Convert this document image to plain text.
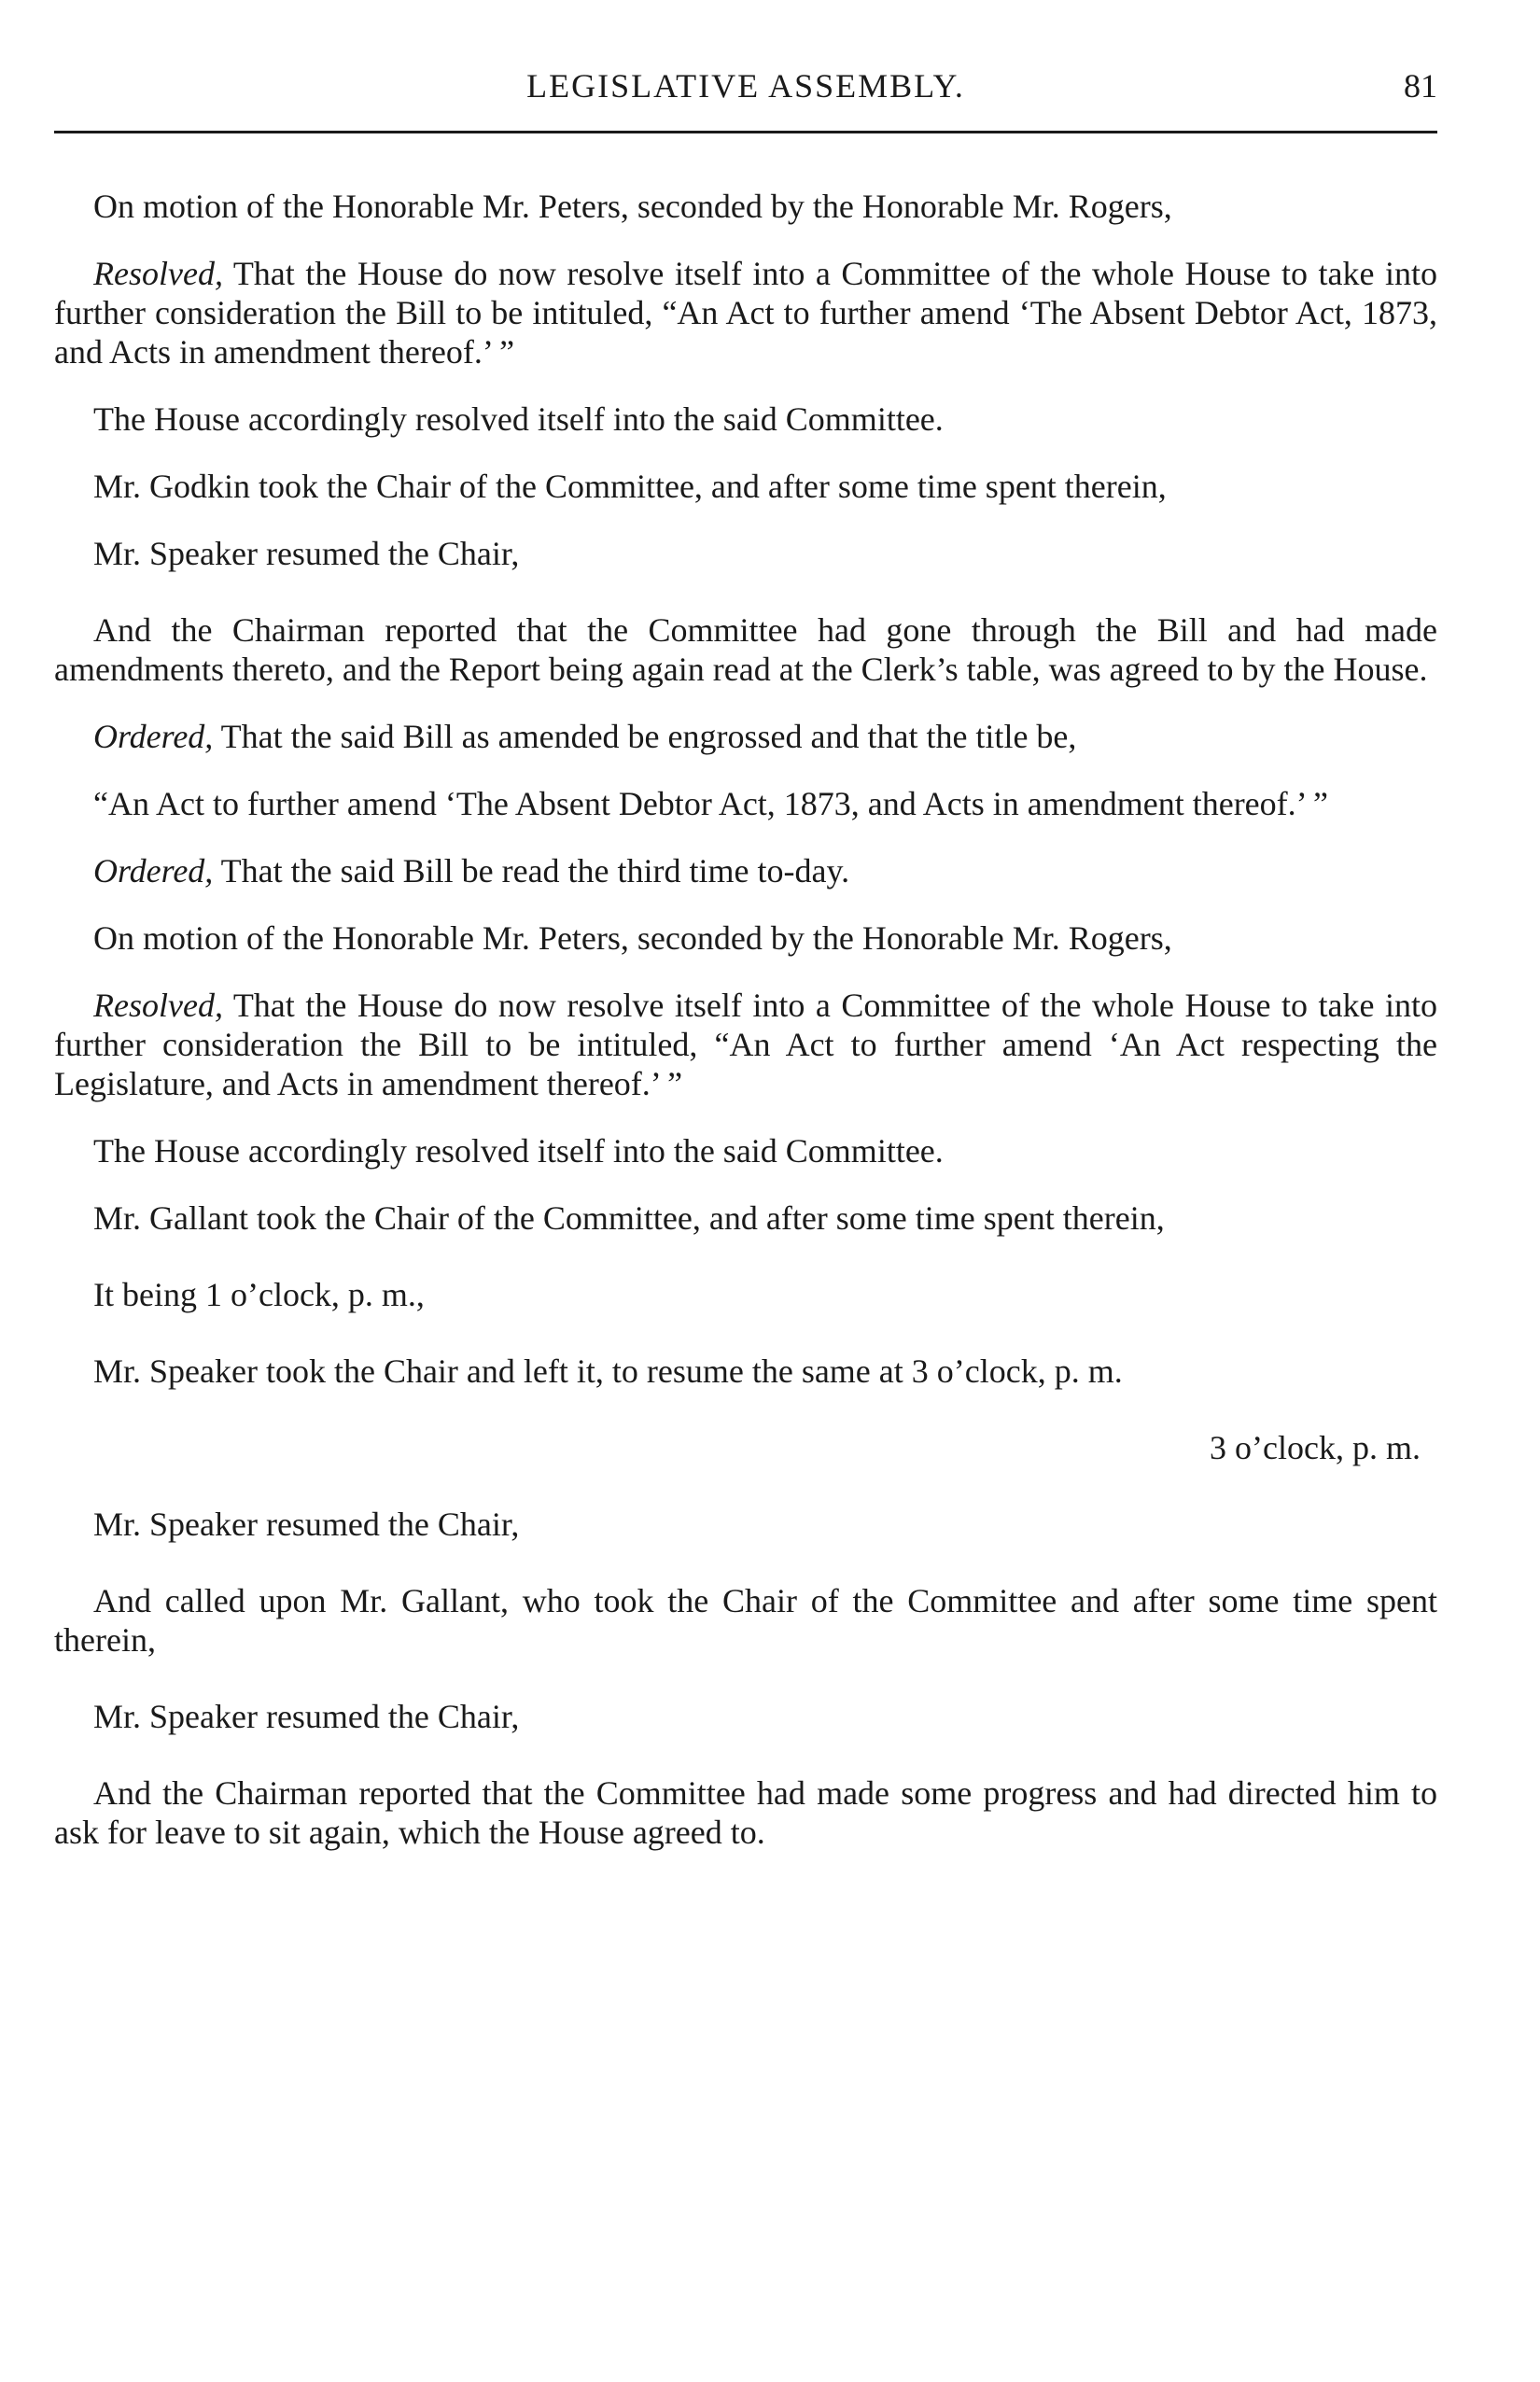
LEGISLATIVE ASSEMBLY.	81

On motion of the Honorable Mr. Peters, seconded by the Honorable Mr. Rogers,

Resolved, That the House do now resolve itself into a Committee of the whole House to take into further consideration the Bill to be intituled, “An Act to further amend ‘The Absent Debtor Act, 1873, and Acts in amendment thereof.’ ”

The House accordingly resolved itself into the said Committee.

Mr. Godkin took the Chair of the Committee, and after some time spent therein,

Mr. Speaker resumed the Chair,

And the Chairman reported that the Committee had gone through the Bill and had made amendments thereto, and the Report being again read at the Clerk’s table, was agreed to by the House.

Ordered, That the said Bill as amended be engrossed and that the title be,

“An Act to further amend ‘The Absent Debtor Act, 1873, and Acts in amendment thereof.’ ”

Ordered, That the said Bill be read the third time to-day.

On motion of the Honorable Mr. Peters, seconded by the Honorable Mr. Rogers,

Resolved, That the House do now resolve itself into a Committee of the whole House to take into further consideration the Bill to be intituled, “An Act to further amend ‘An Act respecting the Legislature, and Acts in amendment thereof.’ ”

The House accordingly resolved itself into the said Committee.

Mr. Gallant took the Chair of the Committee, and after some time spent therein,

It being 1 o’clock, p. m.,

Mr. Speaker took the Chair and left it, to resume the same at 3 o’clock, p. m.

3 o’clock, p. m.

Mr. Speaker resumed the Chair,

And called upon Mr. Gallant, who took the Chair of the Committee and after some time spent therein,

Mr. Speaker resumed the Chair,

And the Chairman reported that the Committee had made some progress and had directed him to ask for leave to sit again, which the House agreed to.
